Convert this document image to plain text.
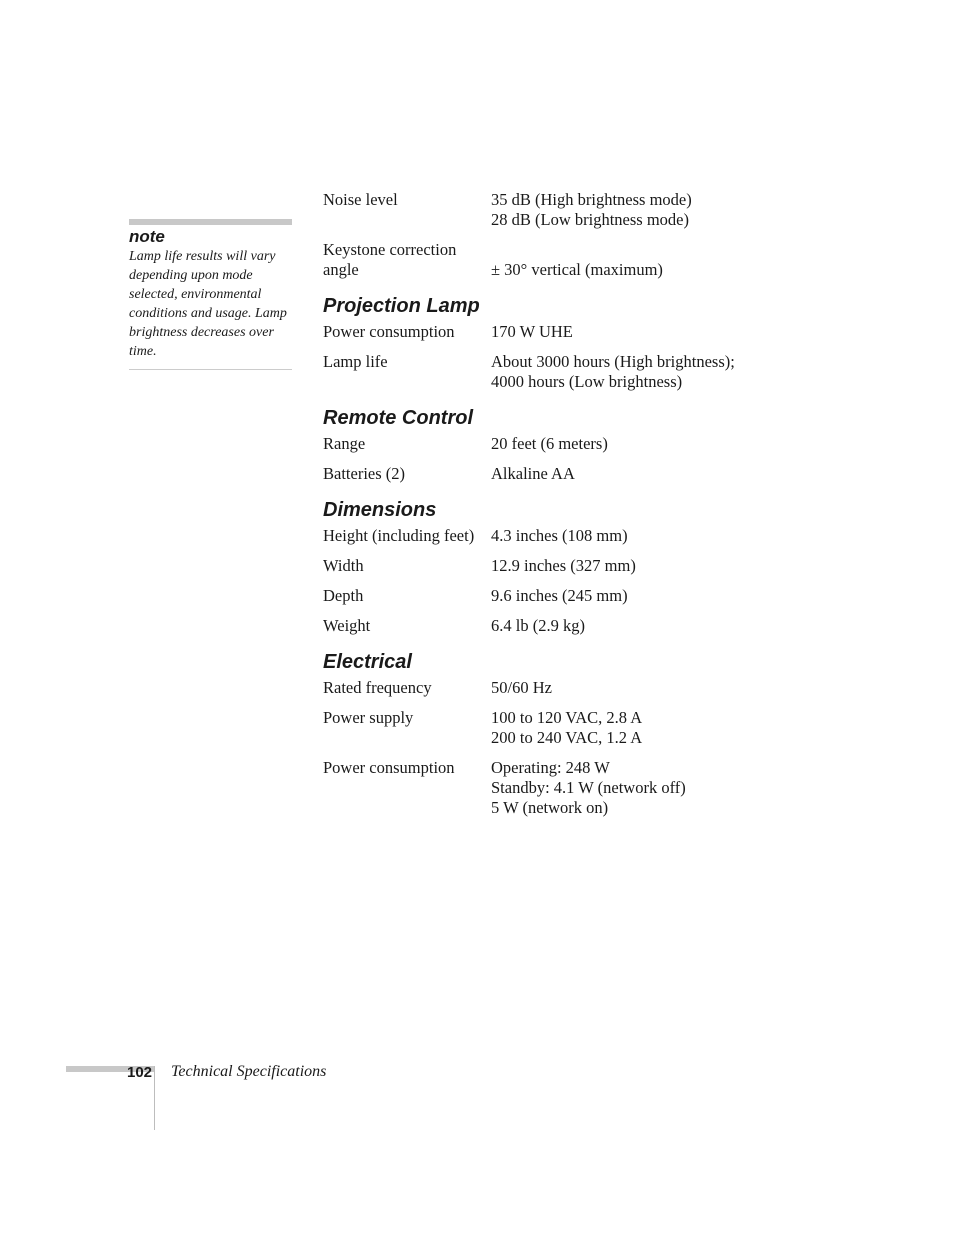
note

Lamp life results will vary depending upon mode selected, environmental conditions and usage. Lamp brightness decreases over time.

Noise level	35 dB (High brightness mode)
28 dB (Low brightness mode)
Keystone correction
angle	± 30° vertical (maximum)
Projection Lamp
Power consumption	170 W UHE
Lamp life	About 3000 hours (High brightness);
4000 hours (Low brightness)
Remote Control
Range	20 feet (6 meters)
Batteries (2)	Alkaline AA
Dimensions
Height (including feet)	4.3 inches (108 mm)
Width	12.9 inches (327 mm)
Depth	9.6 inches (245 mm)
Weight	6.4 lb (2.9 kg)
Electrical
Rated frequency	50/60 Hz
Power supply	100 to 120 VAC, 2.8 A
200 to 240 VAC, 1.2 A
Power consumption	Operating: 248 W
Standby: 4.1 W (network off)
5 W (network on)
102 Technical Specifications
